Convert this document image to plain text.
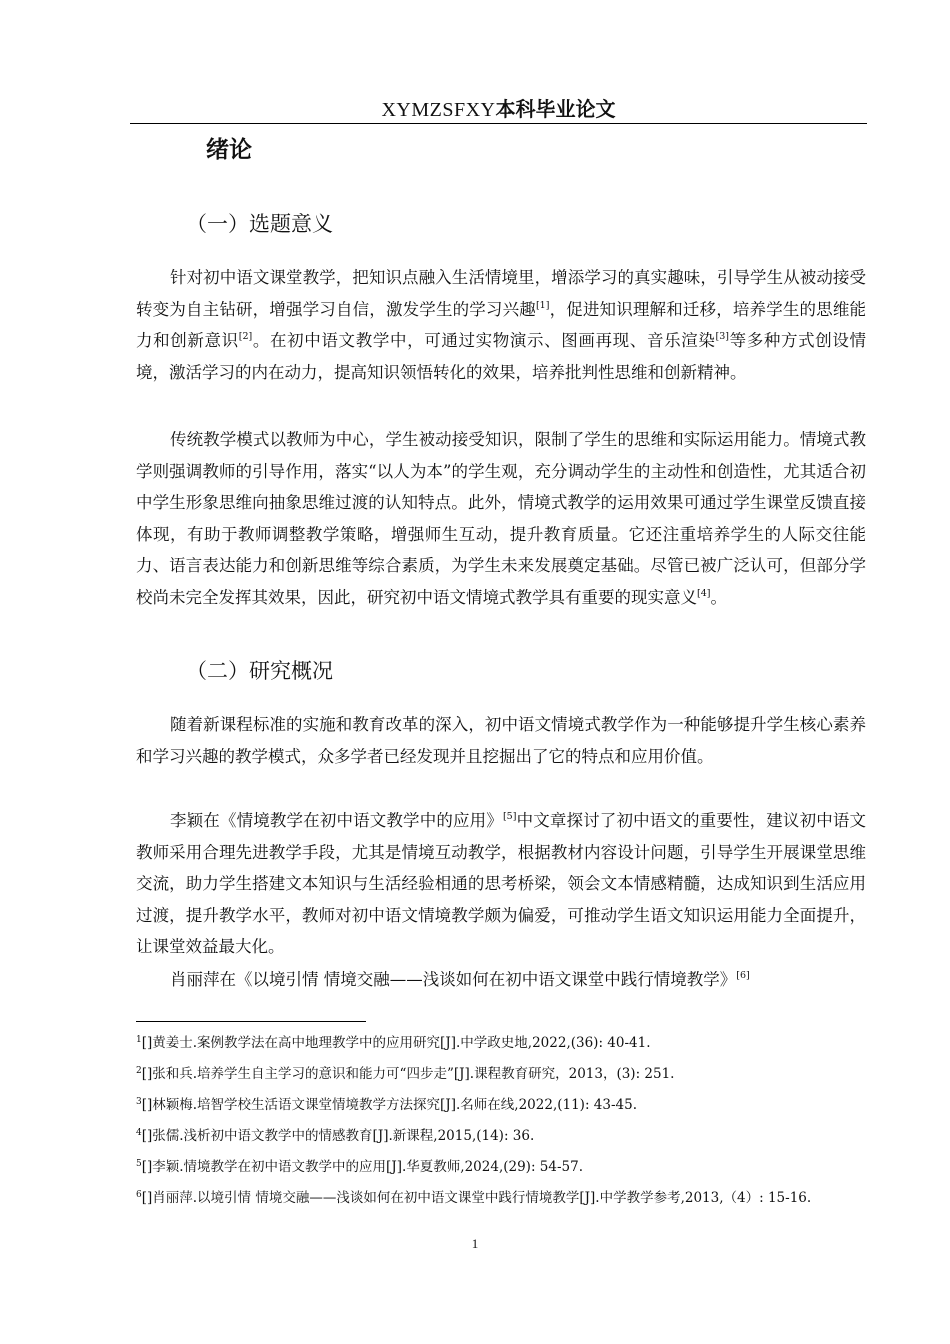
XYMZSFXY本科毕业论文
绪论
（一）选题意义
针对初中语文课堂教学，把知识点融入生活情境里，增添学习的真实趣味，引导学生从被动接受转变为自主钻研，增强学习自信，激发学生的学习兴趣[1]，促进知识理解和迁移，培养学生的思维能力和创新意识[2]。在初中语文教学中，可通过实物演示、图画再现、音乐渲染[3]等多种方式创设情境，激活学习的内在动力，提高知识领悟转化的效果，培养批判性思维和创新精神。
传统教学模式以教师为中心，学生被动接受知识，限制了学生的思维和实际运用能力。情境式教学则强调教师的引导作用，落实“以人为本”的学生观，充分调动学生的主动性和创造性，尤其适合初中学生形象思维向抽象思维过渡的认知特点。此外，情境式教学的运用效果可通过学生课堂反馈直接体现，有助于教师调整教学策略，增强师生互动，提升教育质量。它还注重培养学生的人际交往能力、语言表达能力和创新思维等综合素质，为学生未来发展奠定基础。尽管已被广泛认可，但部分学校尚未完全发挥其效果，因此，研究初中语文情境式教学具有重要的现实意义[4]。
（二）研究概况
随着新课程标准的实施和教育改革的深入，初中语文情境式教学作为一种能够提升学生核心素养和学习兴趣的教学模式，众多学者已经发现并且挖掘出了它的特点和应用价值。
李颖在《情境教学在初中语文教学中的应用》[5]中文章探讨了初中语文的重要性，建议初中语文教师采用合理先进教学手段，尤其是情境互动教学，根据教材内容设计问题，引导学生开展课堂思维交流，助力学生搭建文本知识与生活经验相通的思考桥梁，领会文本情感精髓，达成知识到生活应用过渡，提升教学水平，教师对初中语文情境教学颇为偏爱，可推动学生语文知识运用能力全面提升，让课堂效益最大化。
肖丽萍在《以境引情 情境交融——浅谈如何在初中语文课堂中践行情境教学》[6]
$^1$[]黄姜士.案例教学法在高中地理教学中的应用研究[J].中学政史地,2022,(36): 40-41.
$^2$[]张和兵.培养学生自主学习的意识和能力可“四步走”[J].课程教育研究，2013，(3): 251.
$^3$[]林颖梅.培智学校生活语文课堂情境教学方法探究[J].名师在线,2022,(11): 43-45.
$^4$[]张儒.浅析初中语文教学中的情感教育[J].新课程,2015,(14): 36.
$^5$[]李颖.情境教学在初中语文教学中的应用[J].华夏教师,2024,(29): 54-57.
$^6$[]肖丽萍.以境引情 情境交融——浅谈如何在初中语文课堂中践行情境教学[J].中学教学参考,2013,（4）: 15-16.
1
